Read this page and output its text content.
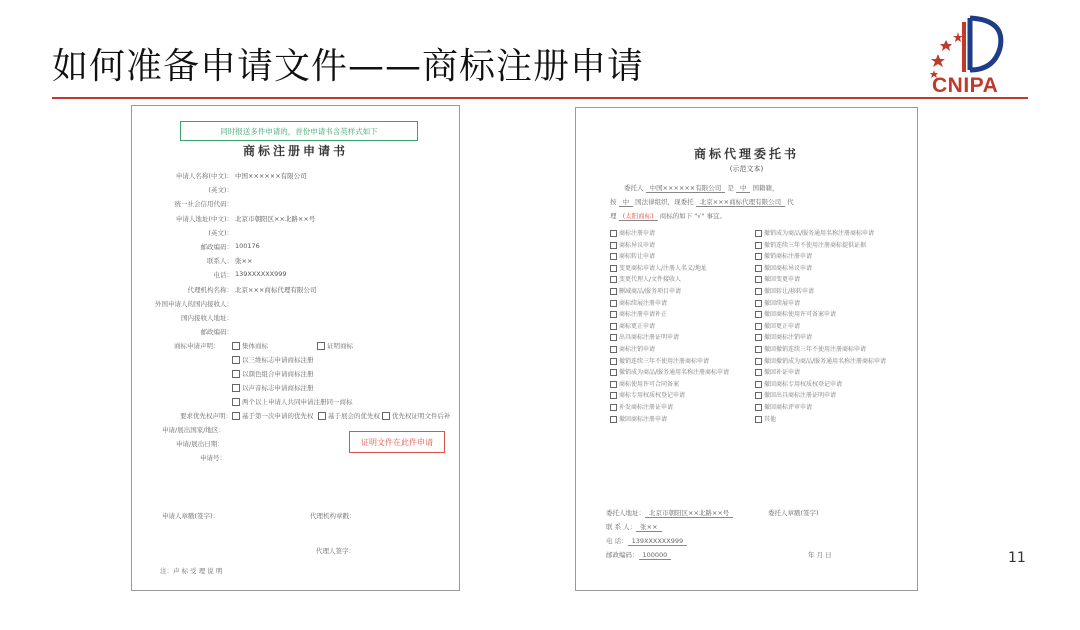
如何准备申请文件——商标注册申请	CNIPA
同时报送多件申请的，首份申请书含英样式如下
商标注册申请书
申请人名称(中文)： 中国××××××有限公司
(英文)：
统一社会信用代码：
申请人地址(中文)： 北京市朝阳区××北路××号
(英文)：
邮政编码： 100176
联系人： 张××
电话： 139XXXXXX999
代理机构名称： 北京×××商标代理有限公司
外国申请人的国内接收人：
国内接收人地址：
邮政编码：
商标申请声明：	集体商标	证明商标
以三维标志申请商标注册
以颜色组合申请商标注册
以声音标志申请商标注册
两个以上申请人共同申请注册同一商标
要求优先权声明：	基于第一次申请的优先权	基于展会的优先权	优先权证明文件后补
申请/展出国家/地区：
申请/展出日期：
申请号：
证明文件在此件申请
申请人章戳(签字)：	代理机构章戳：
代理人签字：
注：声 标 受 理 说 明
商标代理委托书
(示范文本)
委托人 中国××××××有限公司 是 中 国籍籍，
按 中 国法律组织，现委托 北京×××商标代理有限公司 代
理 (太阳商标) 商标的如下 "√" 事宜。
商标注册申请
商标异议申请
商标转让申请
变更商标申请人/注册人名义/地址
变更代理人/文件接收人
删减商品/服务项目申请
商标续展注册申请
商标注册申请补正
商标更正申请
出具商标注册证明申请
商标注销申请
撤销连续三年不使用注册商标申请
撤销成为商品/服务通用名称注册商标申请
商标使用许可合同备案
商标专用权质权登记申请
补发商标注册证申请
撤回商标注册申请
撤销成为商品/服务通用名称注册商标申请
撤销连续三年不使用注册商标提供证据
撤销商标注册申请
撤回商标异议申请
撤回变更申请
撤回转让/移转申请
撤回续展申请
撤回商标使用许可备案申请
撤回更正申请
撤回商标注销申请
撤回撤销连续三年不使用注册商标申请
撤回撤销成为商品/服务通用名称注册商标申请
撤回补证申请
撤回商标专用权质权登记申请
撤回出具商标注册证明申请
撤回商标评审申请
其他
委托人地址： 北京市朝阳区××北路××号	委托人章戳(签字)
联 系 人： 张××
电 话： 139XXXXXX999
邮政编码： 100000	年 月 日	11
